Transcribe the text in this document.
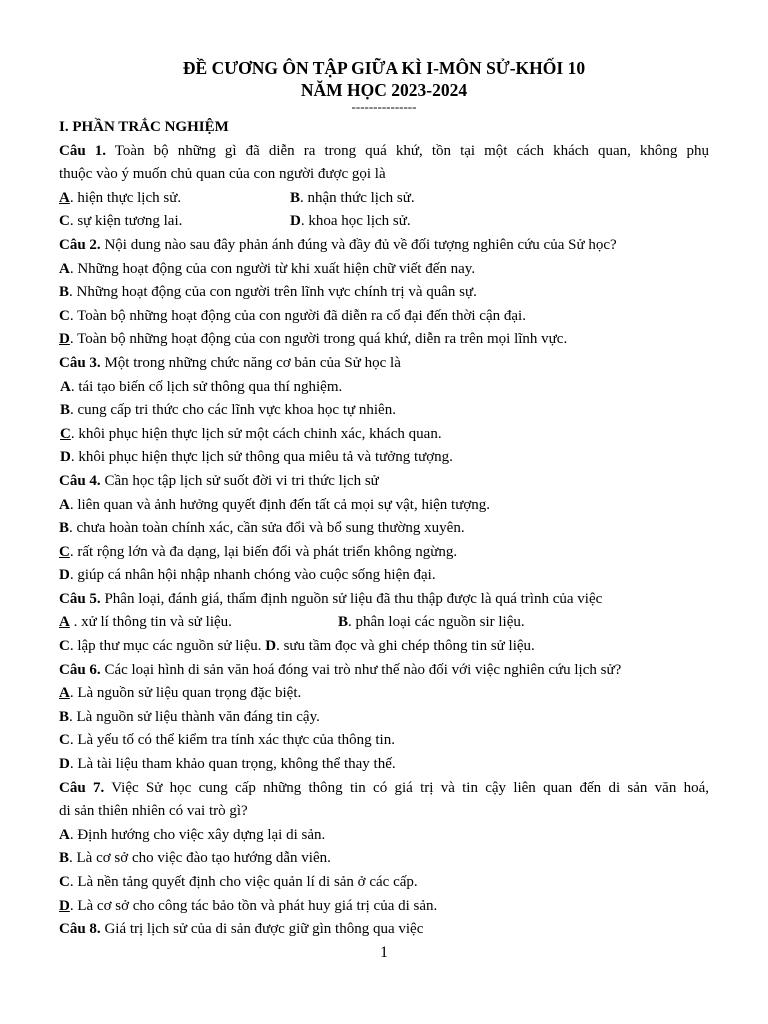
ĐỀ CƯƠNG ÔN TẬP GIỮA KÌ I-MÔN SỬ-KHỐI 10
NĂM HỌC 2023-2024
---------------
I. PHẦN TRẮC NGHIỆM
Câu 1. Toàn bộ những gì đã diễn ra trong quá khứ, tồn tại một cách khách quan, không phụ
thuộc vào ý muốn chủ quan của con người được gọi là
A. hiện thực lịch sử.	B. nhận thức lịch sử.
C. sự kiện tương lai.	D. khoa học lịch sử.
Câu 2. Nội dung nào sau đây phản ánh đúng và đầy đủ về đối tượng nghiên cứu của Sử học?
A. Những hoạt động của con người từ khi xuất hiện chữ viết đến nay.
B. Những hoạt động của con người trên lĩnh vực chính trị và quân sự.
C. Toàn bộ những hoạt động của con người đã diễn ra cổ đại đến thời cận đại.
D. Toàn bộ những hoạt động của con người trong quá khứ, diễn ra trên mọi lĩnh vực.
Câu 3. Một trong những chức năng cơ bản của Sử học là
A. tái tạo biến cố lịch sử thông qua thí nghiệm.
B. cung cấp tri thức cho các lĩnh vực khoa học tự nhiên.
C. khôi phục hiện thực lịch sử một cách chinh xác, khách quan.
D. khôi phục hiện thực lịch sử thông qua miêu tả và tưởng tượng.
Câu 4. Cần học tập lịch sử suốt đời vi tri thức lịch sử
A. liên quan và ảnh hưởng quyết định đến tất cả mọi sự vật, hiện tượng.
B. chưa hoàn toàn chính xác, cần sửa đổi và bổ sung thường xuyên.
C. rất rộng lớn và đa dạng, lại biến đổi và phát triển không ngừng.
D. giúp cá nhân hội nhập nhanh chóng vào cuộc sống hiện đại.
Câu 5. Phân loại, đánh giá, thẩm định nguồn sử liệu đã thu thập được là quá trình của việc
A . xử lí thông tin và sử liệu.	B. phân loại các nguồn sir liệu.
C. lập thư mục các nguồn sử liệu. D. sưu tầm đọc và ghi chép thông tin sử liệu.
Câu 6. Các loại hình di sản văn hoá đóng vai trò như thế nào đối với việc nghiên cứu lịch sử?
A. Là nguồn sử liệu quan trọng đặc biệt.
B. Là nguồn sử liệu thành văn đáng tin cậy.
C. Là yếu tố có thể kiểm tra tính xác thực của thông tin.
D. Là tài liệu tham khảo quan trọng, không thể thay thế.
Câu 7. Việc Sử học cung cấp những thông tin có giá trị và tin cậy liên quan đến di sản văn hoá,
di sản thiên nhiên có vai trò gì?
A. Định hướng cho việc xây dựng lại di sản.
B. Là cơ sở cho việc đào tạo hướng dẫn viên.
C. Là nền tảng quyết định cho việc quản lí di sản ở các cấp.
D. Là cơ sở cho công tác bảo tồn và phát huy giá trị của di sản.
Câu 8. Giá trị lịch sử của di sản được giữ gìn thông qua việc
1
